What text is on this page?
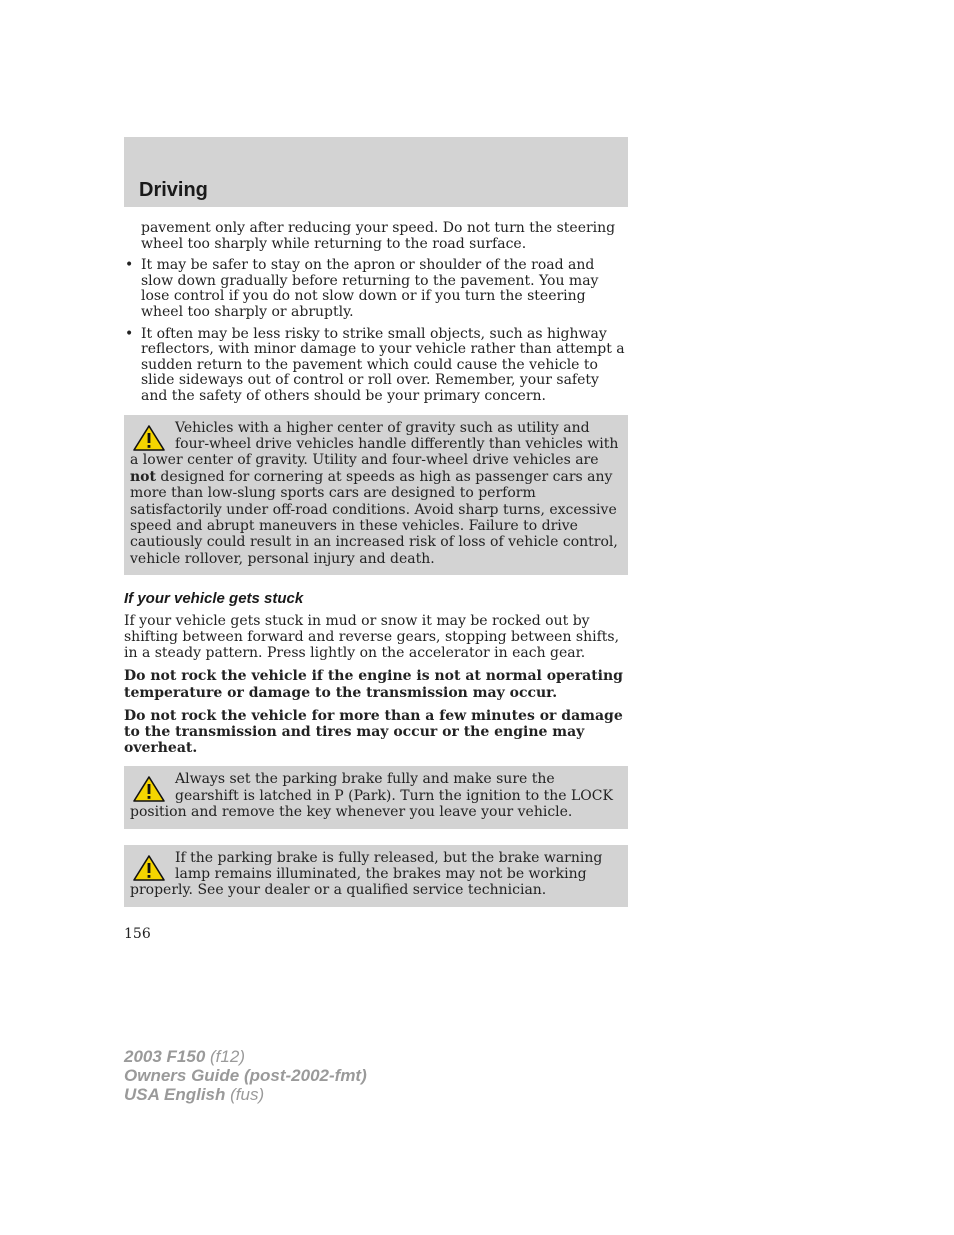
Driving

pavement only after reducing your speed. Do not turn the steering wheel too sharply while returning to the road surface.

• It may be safer to stay on the apron or shoulder of the road and slow down gradually before returning to the pavement. You may lose control if you do not slow down or if you turn the steering wheel too sharply or abruptly.
• It often may be less risky to strike small objects, such as highway reflectors, with minor damage to your vehicle rather than attempt a sudden return to the pavement which could cause the vehicle to slide sideways out of control or roll over. Remember, your safety and the safety of others should be your primary concern.

Vehicles with a higher center of gravity such as utility and four-wheel drive vehicles handle differently than vehicles with a lower center of gravity. Utility and four-wheel drive vehicles are not designed for cornering at speeds as high as passenger cars any more than low-slung sports cars are designed to perform satisfactorily under off-road conditions. Avoid sharp turns, excessive speed and abrupt maneuvers in these vehicles. Failure to drive cautiously could result in an increased risk of loss of vehicle control, vehicle rollover, personal injury and death.

If your vehicle gets stuck

If your vehicle gets stuck in mud or snow it may be rocked out by shifting between forward and reverse gears, stopping between shifts, in a steady pattern. Press lightly on the accelerator in each gear.

Do not rock the vehicle if the engine is not at normal operating temperature or damage to the transmission may occur.

Do not rock the vehicle for more than a few minutes or damage to the transmission and tires may occur or the engine may overheat.

Always set the parking brake fully and make sure the gearshift is latched in P (Park). Turn the ignition to the LOCK position and remove the key whenever you leave your vehicle.

If the parking brake is fully released, but the brake warning lamp remains illuminated, the brakes may not be working properly. See your dealer or a qualified service technician.

156

2003 F150 (f12)

Owners Guide (post-2002-fmt)

USA English (fus)
